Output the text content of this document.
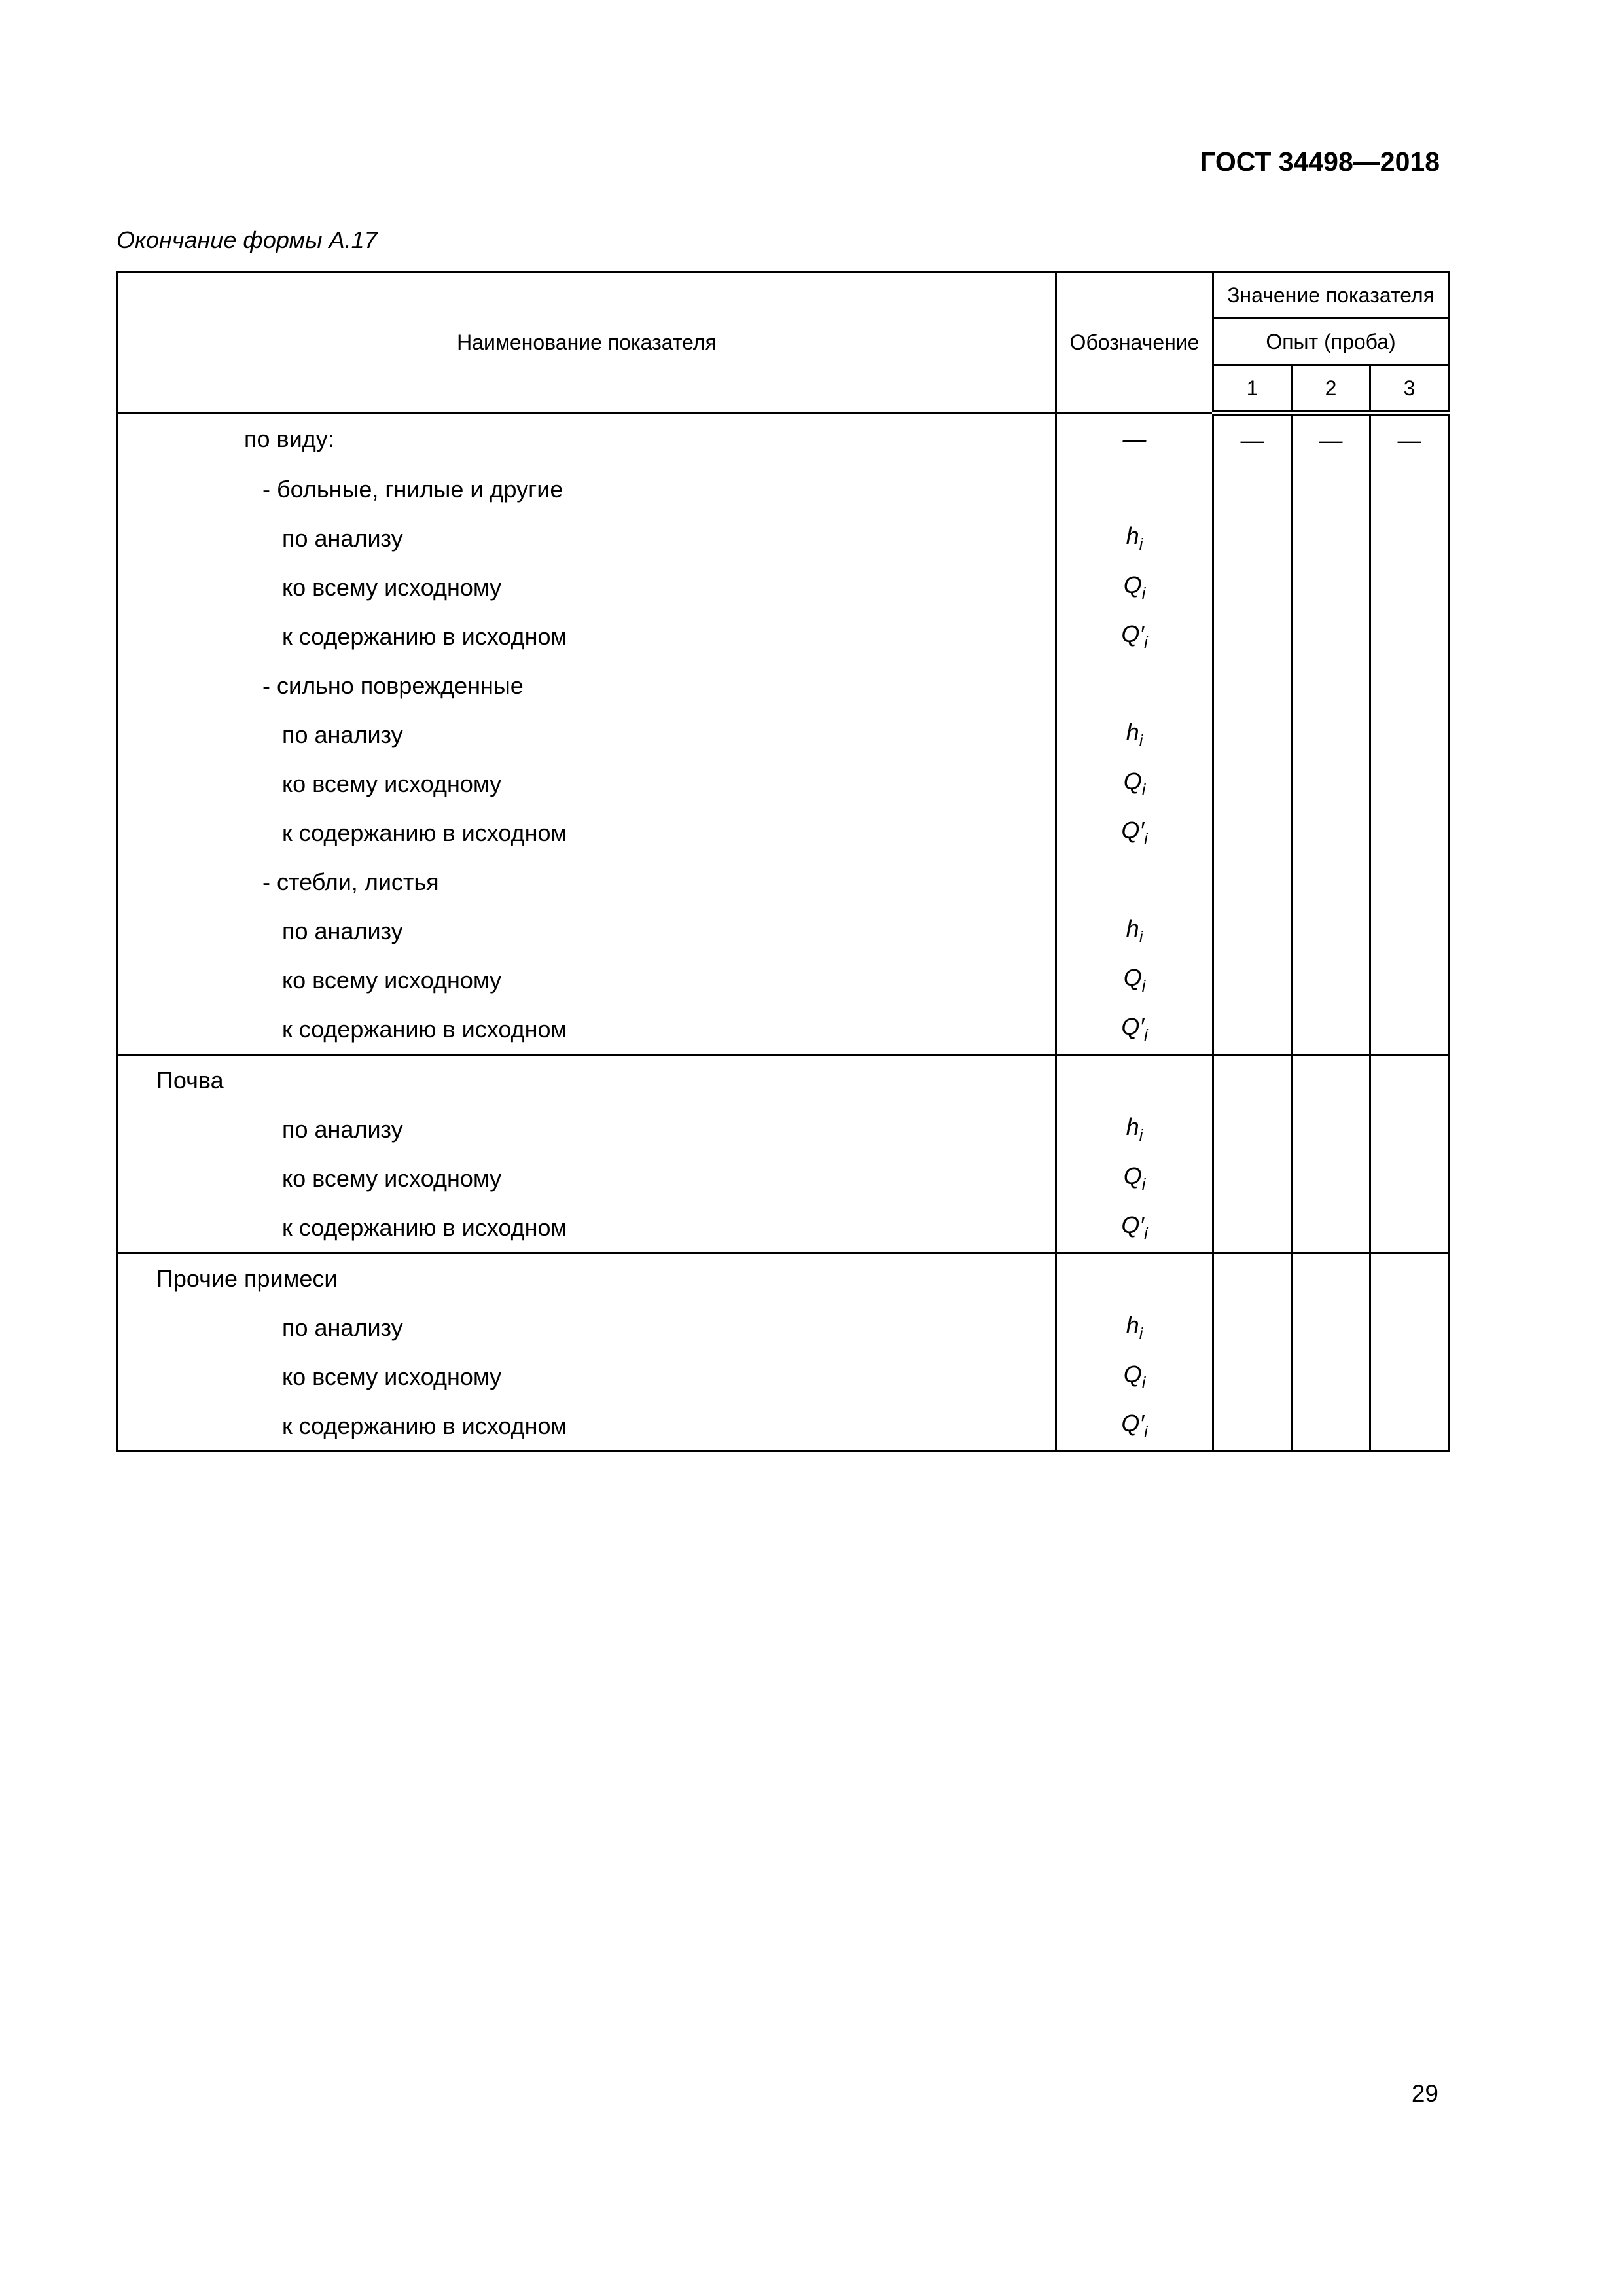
ГОСТ 34498—2018
Окончание формы А.17
Наименование показателя	Обозначение	Значение показателя		
		Опыт (проба)		
		1	2	3
по виду:	—	—	—	—
- больные, гнилые и другие				
по анализу	$h_i$			
ко всему исходному	$Q_i$			
к содержанию в исходном	$Q'_i$			
- сильно поврежденные				
по анализу	$h_i$			
ко всему исходному	$Q_i$			
к содержанию в исходном	$Q'_i$			
- стебли, листья				
по анализу	$h_i$			
ко всему исходному	$Q_i$			
к содержанию в исходном	$Q'_i$			
Почва				
по анализу	$h_i$			
ко всему исходному	$Q_i$			
к содержанию в исходном	$Q'_i$			
Прочие примеси				
по анализу	$h_i$			
ко всему исходному	$Q_i$			
к содержанию в исходном	$Q'_i$			
29
